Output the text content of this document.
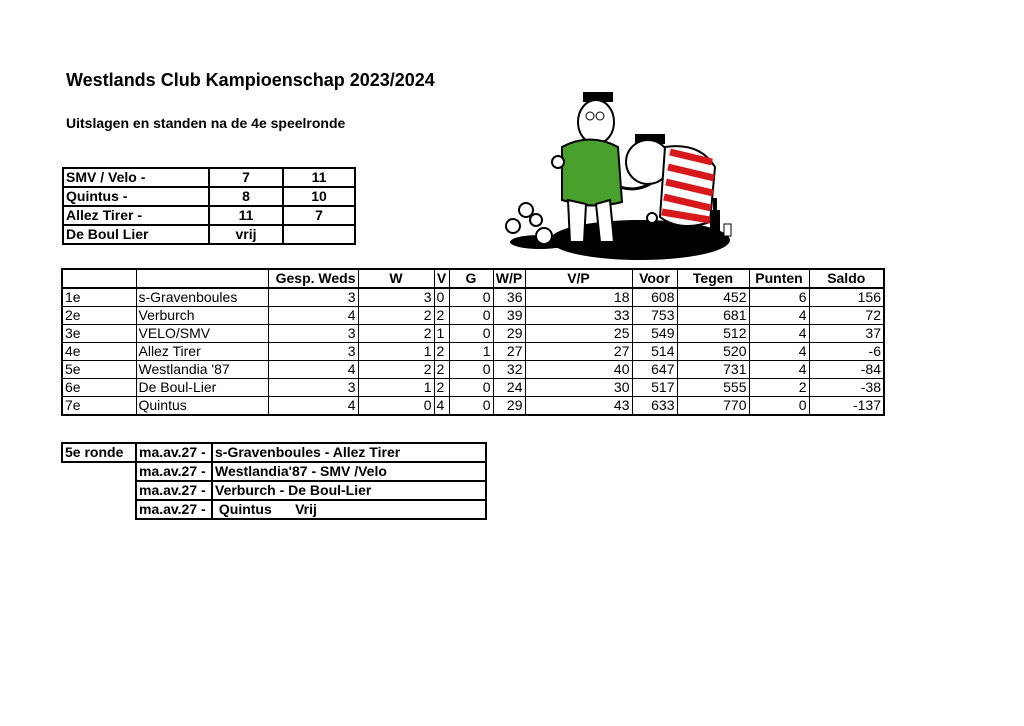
Westlands Club Kampioenschap 2023/2024
Uitslagen en standen na de 4e speelronde
SMV / Velo -	7	11
Quintus -	8	10
Allez Tirer -	11	7
De Boul Lier	vrij	
		Gesp. Weds	W	V	G	W/P	V/P	Voor	Tegen	Punten	Saldo
1e	s-Gravenboules	3	3	0	0	36	18	608	452	6	156
2e	Verburch	4	2	2	0	39	33	753	681	4	72
3e	VELO/SMV	3	2	1	0	29	25	549	512	4	37
4e	Allez Tirer	3	1	2	1	27	27	514	520	4	-6
5e	Westlandia '87	4	2	2	0	32	40	647	731	4	-84
6e	De Boul-Lier	3	1	2	0	24	30	517	555	2	-38
7e	Quintus	4	0	4	0	29	43	633	770	0	-137
5e ronde	ma.av.27 -	s-Gravenboules - Allez Tirer
	ma.av.27 -	Westlandia'87 - SMV /Velo
	ma.av.27 -	Verburch - De Boul-Lier
	ma.av.27 -	Quintus      Vrij
